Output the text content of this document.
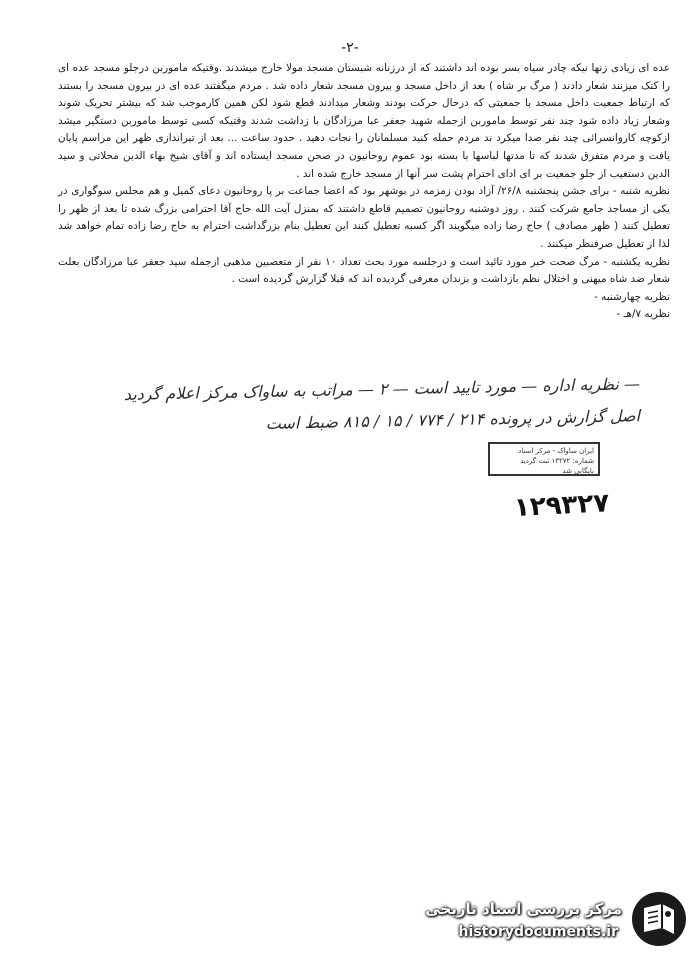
-٢-

عده ای زیادی زنها نیکه چادر سیاه بسر بوده اند داشتند که از درزنانه شبستان مسجد مولا خارج میشدند .وقتیکه ماموربن درجلو مسجد عده ای را کتک میزنند شعار دادند ( مرگ بر شاه ) بعد از داخل مسجد و بیرون مسجد شعار داده شد . مردم میگفتند عده ای در بیرون مسجد را بستند که ارتباط جمعیت داخل مسجد با جمعیتی که درحال حرکت بودند وشعار میدادند قطع شود لکن همین کارموجب شد که بیشتر تحریک شوند وشعار زیاد داده شود چند نفر توسط ماموربن ازجمله شهید جعفر عبا مرزادگان با زداشت شدند وقتیکه کسی توسط ماموربن دستگیر میشد ازکوچه کاروانسرائی چند نفر صدا میکرد ند مردم حمله کنید مسلمانان را نجات دهید . حدود ساعت ... بعد از تیراندازی ظهر این مراسم پایان یافت و مردم متفرق شدند که تا مدتها لباسها با بسته بود عموم روحانیون در صحن مسجد ایستاده اند و آقای شیخ بهاء الدین محلاتی و سید الدین دستغیب از جلو جمعیت بر ای ادای احترام پشت سر آنها از مسجد خارج شده اند .

نظریه شنبه - برای جشن پنجشنبه ۲۶/۸/ آزاد بودن زمزمه در بوشهر بود که اعضا جماعت بر پا روحانیون دعای کمیل و هم مجلس سوگواری در یکی از مساجد جامع شرکت کنند . روز دوشنبه روحانیون تصمیم قاطع داشتند که بمنزل آیت الله حاج آقا احترامی بزرگ شده تا بعد از ظهر را تعطیل کنند ( ظهر مصادف ) حاج رضا زاده میگویند اگر کسبه تعطیل کنند این تعطیل بنام بزرگداشت احترام به حاج رضا زاده تمام خواهد شد لذا از تعطیل صرفنظر میکنند .

نظریه یکشنبه - مرگ صحت خبر مورد تائید است و درجلسه مورد بحث تعداد ۱۰ نفر از متعصبین مذهبی ازجمله سید جعفر عبا مرزادگان بعلت شعار ضد شاه میهنی و اختلال نظم بازداشت و بزندان معرفی گردیده اند که قبلا گزارش گردیده است .

نظریه چهارشنبه -

نظریه ۷/هـ -

— نظریه اداره — مورد تایید است — ۲ — مراتب به ساواک مرکز اعلام گردید
اصل گزارش در پرونده ۲۱۴ / ۷۷۴ / ۱۵ / ۸۱۵ ضبط است
ایران ساواک - مرکز اسناد
شماره: ۱۳۲۷۲ ثبت گردید
بایگانی شد
۱۲۹۳۲۷
مرکز بررسی اسناد تاریخی
historydocuments.ir
